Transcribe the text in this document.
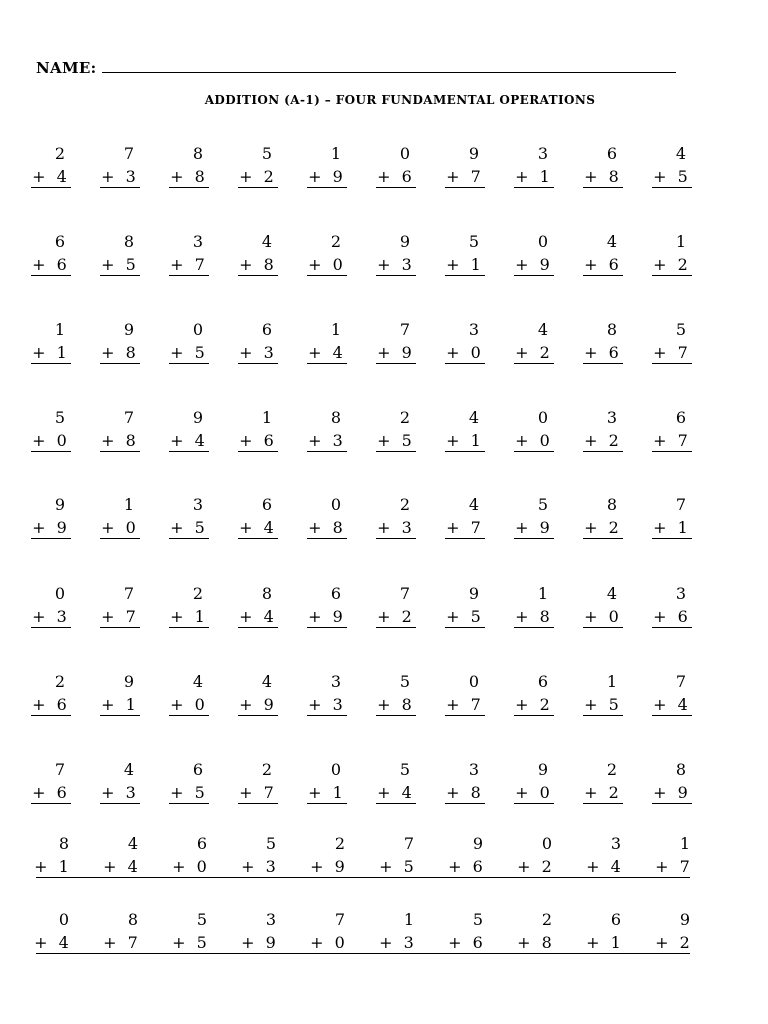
NAME:
ADDITION (A-1) – FOUR FUNDAMENTAL OPERATIONS
2
+ 4
7
+ 3
8
+ 8
5
+ 2
1
+ 9
0
+ 6
9
+ 7
3
+ 1
6
+ 8
4
+ 5
6
+ 6
8
+ 5
3
+ 7
4
+ 8
2
+ 0
9
+ 3
5
+ 1
0
+ 9
4
+ 6
1
+ 2
1
+ 1
9
+ 8
0
+ 5
6
+ 3
1
+ 4
7
+ 9
3
+ 0
4
+ 2
8
+ 6
5
+ 7
5
+ 0
7
+ 8
9
+ 4
1
+ 6
8
+ 3
2
+ 5
4
+ 1
0
+ 0
3
+ 2
6
+ 7
9
+ 9
1
+ 0
3
+ 5
6
+ 4
0
+ 8
2
+ 3
4
+ 7
5
+ 9
8
+ 2
7
+ 1
0
+ 3
7
+ 7
2
+ 1
8
+ 4
6
+ 9
7
+ 2
9
+ 5
1
+ 8
4
+ 0
3
+ 6
2
+ 6
9
+ 1
4
+ 0
4
+ 9
3
+ 3
5
+ 8
0
+ 7
6
+ 2
1
+ 5
7
+ 4
7
+ 6
4
+ 3
6
+ 5
2
+ 7
0
+ 1
5
+ 4
3
+ 8
9
+ 0
2
+ 2
8
+ 9
8
+ 1
4
+ 4
6
+ 0
5
+ 3
2
+ 9
7
+ 5
9
+ 6
0
+ 2
3
+ 4
1
+ 7
0
+ 4
8
+ 7
5
+ 5
3
+ 9
7
+ 0
1
+ 3
5
+ 6
2
+ 8
6
+ 1
9
+ 2
